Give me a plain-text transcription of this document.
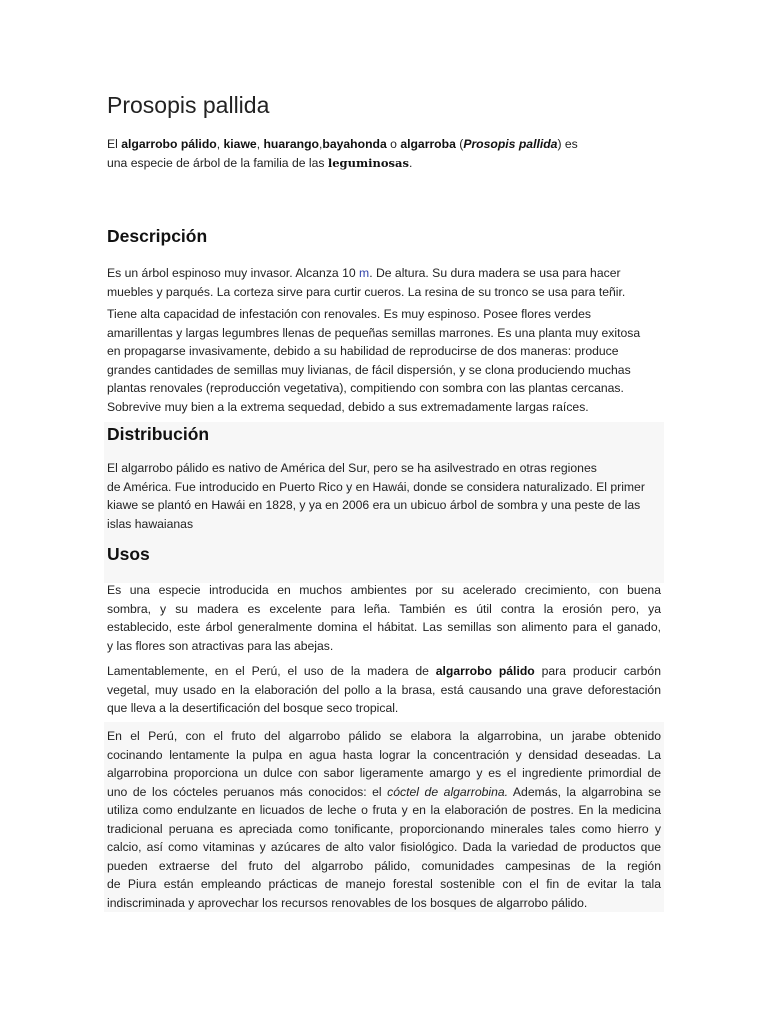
Prosopis pallida

El algarrobo pálido, kiawe, huarango,bayahonda o algarroba (Prosopis pallida) es
una especie de árbol de la familia de las leguminosas.

Descripción

Es un árbol espinoso muy invasor. Alcanza 10 m. De altura. Su dura madera se usa para hacer
muebles y parqués. La corteza sirve para curtir cueros. La resina de su tronco se usa para teñir.

Tiene alta capacidad de infestación con renovales. Es muy espinoso. Posee flores verdes
amarillentas y largas legumbres llenas de pequeñas semillas marrones. Es una planta muy exitosa
en propagarse invasivamente, debido a su habilidad de reproducirse de dos maneras: produce
grandes cantidades de semillas muy livianas, de fácil dispersión, y se clona produciendo muchas
plantas renovales (reproducción vegetativa), compitiendo con sombra con las plantas cercanas.
Sobrevive muy bien a la extrema sequedad, debido a sus extremadamente largas raíces.

Distribución

El algarrobo pálido es nativo de América del Sur, pero se ha asilvestrado en otras regiones
de América. Fue introducido en Puerto Rico y en Hawái, donde se considera naturalizado. El primer
kiawe se plantó en Hawái en 1828, y ya en 2006 era un ubicuo árbol de sombra y una peste de las
islas hawaianas

Usos

Es una especie introducida en muchos ambientes por su acelerado crecimiento, con buena
sombra, y su madera es excelente para leña. También es útil contra la erosión pero, ya
establecido, este árbol generalmente domina el hábitat. Las semillas son alimento para el ganado,
y las flores son atractivas para las abejas.

Lamentablemente, en el Perú, el uso de la madera de algarrobo pálido para producir carbón
vegetal, muy usado en la elaboración del pollo a la brasa, está causando una grave deforestación
que lleva a la desertificación del bosque seco tropical.

En el Perú, con el fruto del algarrobo pálido se elabora la algarrobina, un jarabe obtenido
cocinando lentamente la pulpa en agua hasta lograr la concentración y densidad deseadas. La
algarrobina proporciona un dulce con sabor ligeramente amargo y es el ingrediente primordial de
uno de los cócteles peruanos más conocidos: el cóctel de algarrobina. Además, la algarrobina se
utiliza como endulzante en licuados de leche o fruta y en la elaboración de postres. En la medicina
tradicional peruana es apreciada como tonificante, proporcionando minerales tales como hierro y
calcio, así como vitaminas y azúcares de alto valor fisiológico. Dada la variedad de productos que
pueden extraerse del fruto del algarrobo pálido, comunidades campesinas de la región
de Piura están empleando prácticas de manejo forestal sostenible con el fin de evitar la tala
indiscriminada y aprovechar los recursos renovables de los bosques de algarrobo pálido.
